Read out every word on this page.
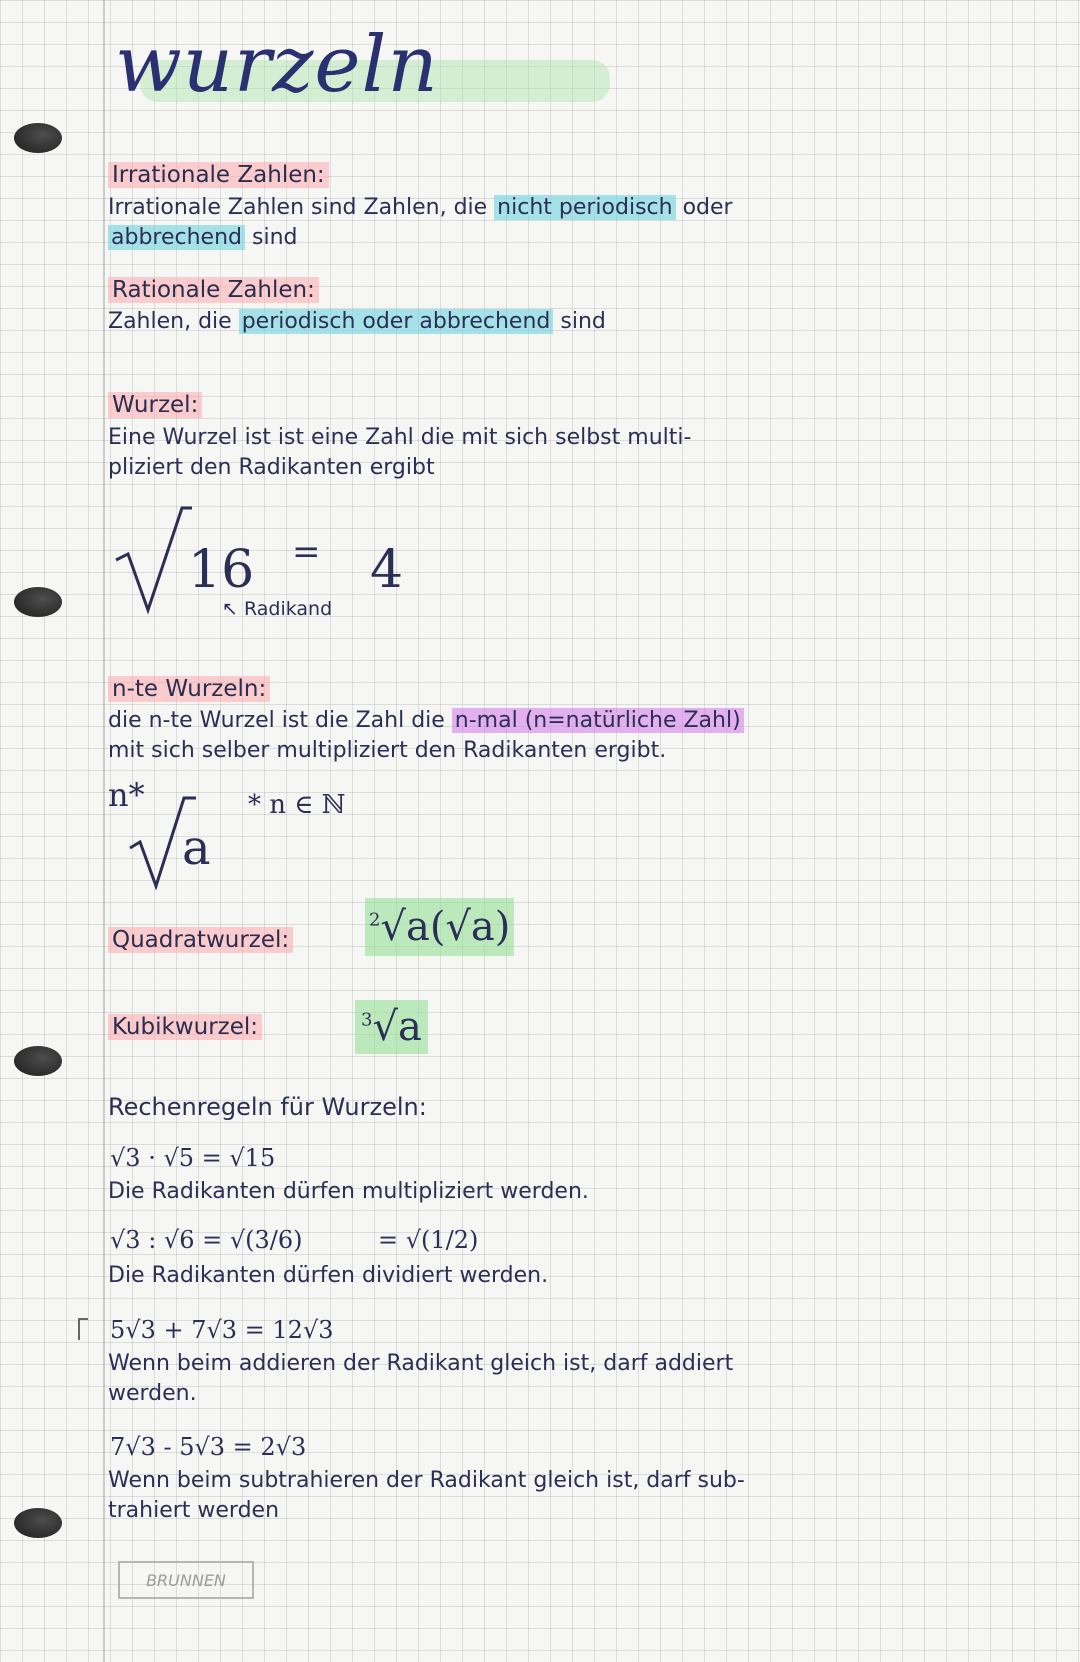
wurzeln
Irrationale Zahlen:
Irrationale Zahlen sind Zahlen, die nicht periodisch oder
abbrechend sind
Rationale Zahlen:
Zahlen, die periodisch oder abbrechend sind
Wurzel:
Eine Wurzel ist ist eine Zahl die mit sich selbst multi-
pliziert den Radikanten ergibt
16 = 4
↖ Radikand
n-te Wurzeln:
die n-te Wurzel ist die Zahl die n-mal (n=natürliche Zahl)
mit sich selber multipliziert den Radikanten ergibt.
n*
a
* n ∈ ℕ
Quadratwurzel:
$^2$√a(√a)
Kubikwurzel:	$^3$√a
Rechenregeln für Wurzeln:
√3 · √5 = √15
Die Radikanten dürfen multipliziert werden.
√3 : √6 = √(3/6)	= √(1/2)
Die Radikanten dürfen dividiert werden.
5√3 + 7√3 = 12√3
Wenn beim addieren der Radikant gleich ist, darf addiert
werden.
7√3 - 5√3 = 2√3
Wenn beim subtrahieren der Radikant gleich ist, darf sub-
trahiert werden
BRUNNEN
